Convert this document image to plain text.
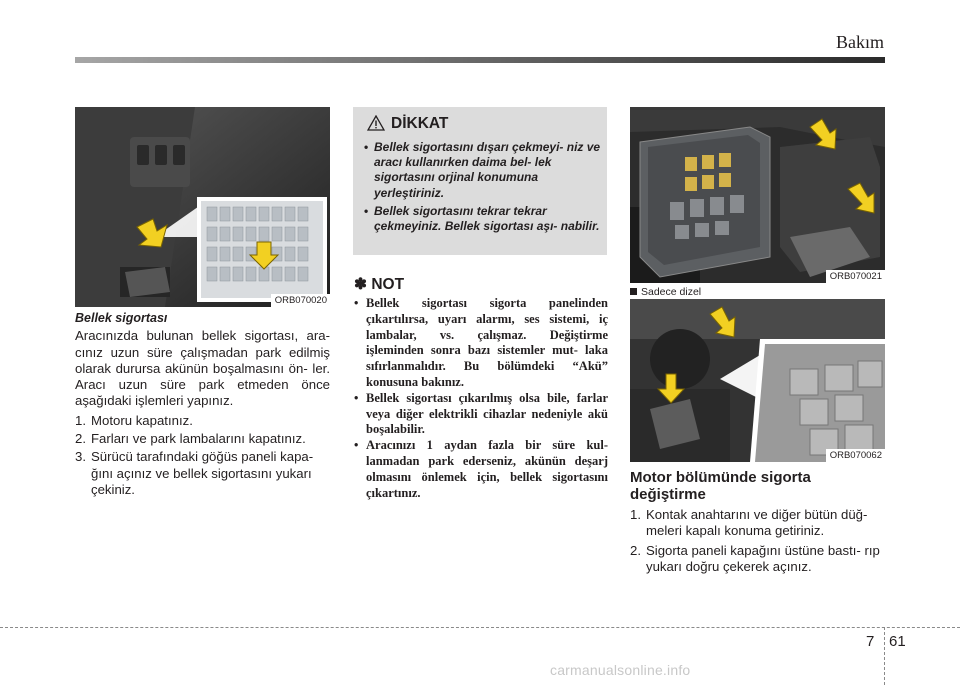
Bakım
ORB070020
Bellek sigortası
Aracınızda bulunan bellek sigortası, ara- cınız uzun süre çalışmadan park edilmiş olarak durursa akünün boşalmasını ön- ler. Aracı uzun süre park etmeden önce aşağıdaki işlemleri yapınız.
1. Motoru kapatınız.
2. Farları ve park lambalarını kapatınız.
3. Sürücü tarafındaki göğüs paneli kapa- ğını açınız ve bellek sigortasını yukarı çekiniz.
DİKKAT
• Bellek sigortasını dışarı çekmeyi- niz ve aracı kullanırken daima bel- lek sigortasını orjinal konumuna yerleştiriniz.
• Bellek sigortasını tekrar tekrar çekmeyiniz. Bellek sigortası aşı- nabilir.
✽ NOT
• Bellek sigortası sigorta panelinden çıkartılırsa, uyarı alarmı, ses sistemi, iç lambalar, vs. çalışmaz. Değiştirme işleminden sonra bazı sistemler mut- laka sıfırlanmalıdır. Bu bölümdeki “Akü” konusuna bakınız.
• Bellek sigortası çıkarılmış olsa bile, farlar veya diğer elektrikli cihazlar nedeniyle akü boşalabilir.
• Aracınızı 1 aydan fazla bir süre kul- lanmadan park ederseniz, akünün deşarj olmasını önlemek için, bellek sigortasını çıkartınız.
ORB070021
Sadece dizel
ORB070062
Motor bölümünde sigorta
değiştirme
1. Kontak anahtarını ve diğer bütün düğ- meleri kapalı konuma getiriniz.
2. Sigorta paneli kapağını üstüne bastı- rıp yukarı doğru çekerek açınız.
7 61
carmanualsonline.info
